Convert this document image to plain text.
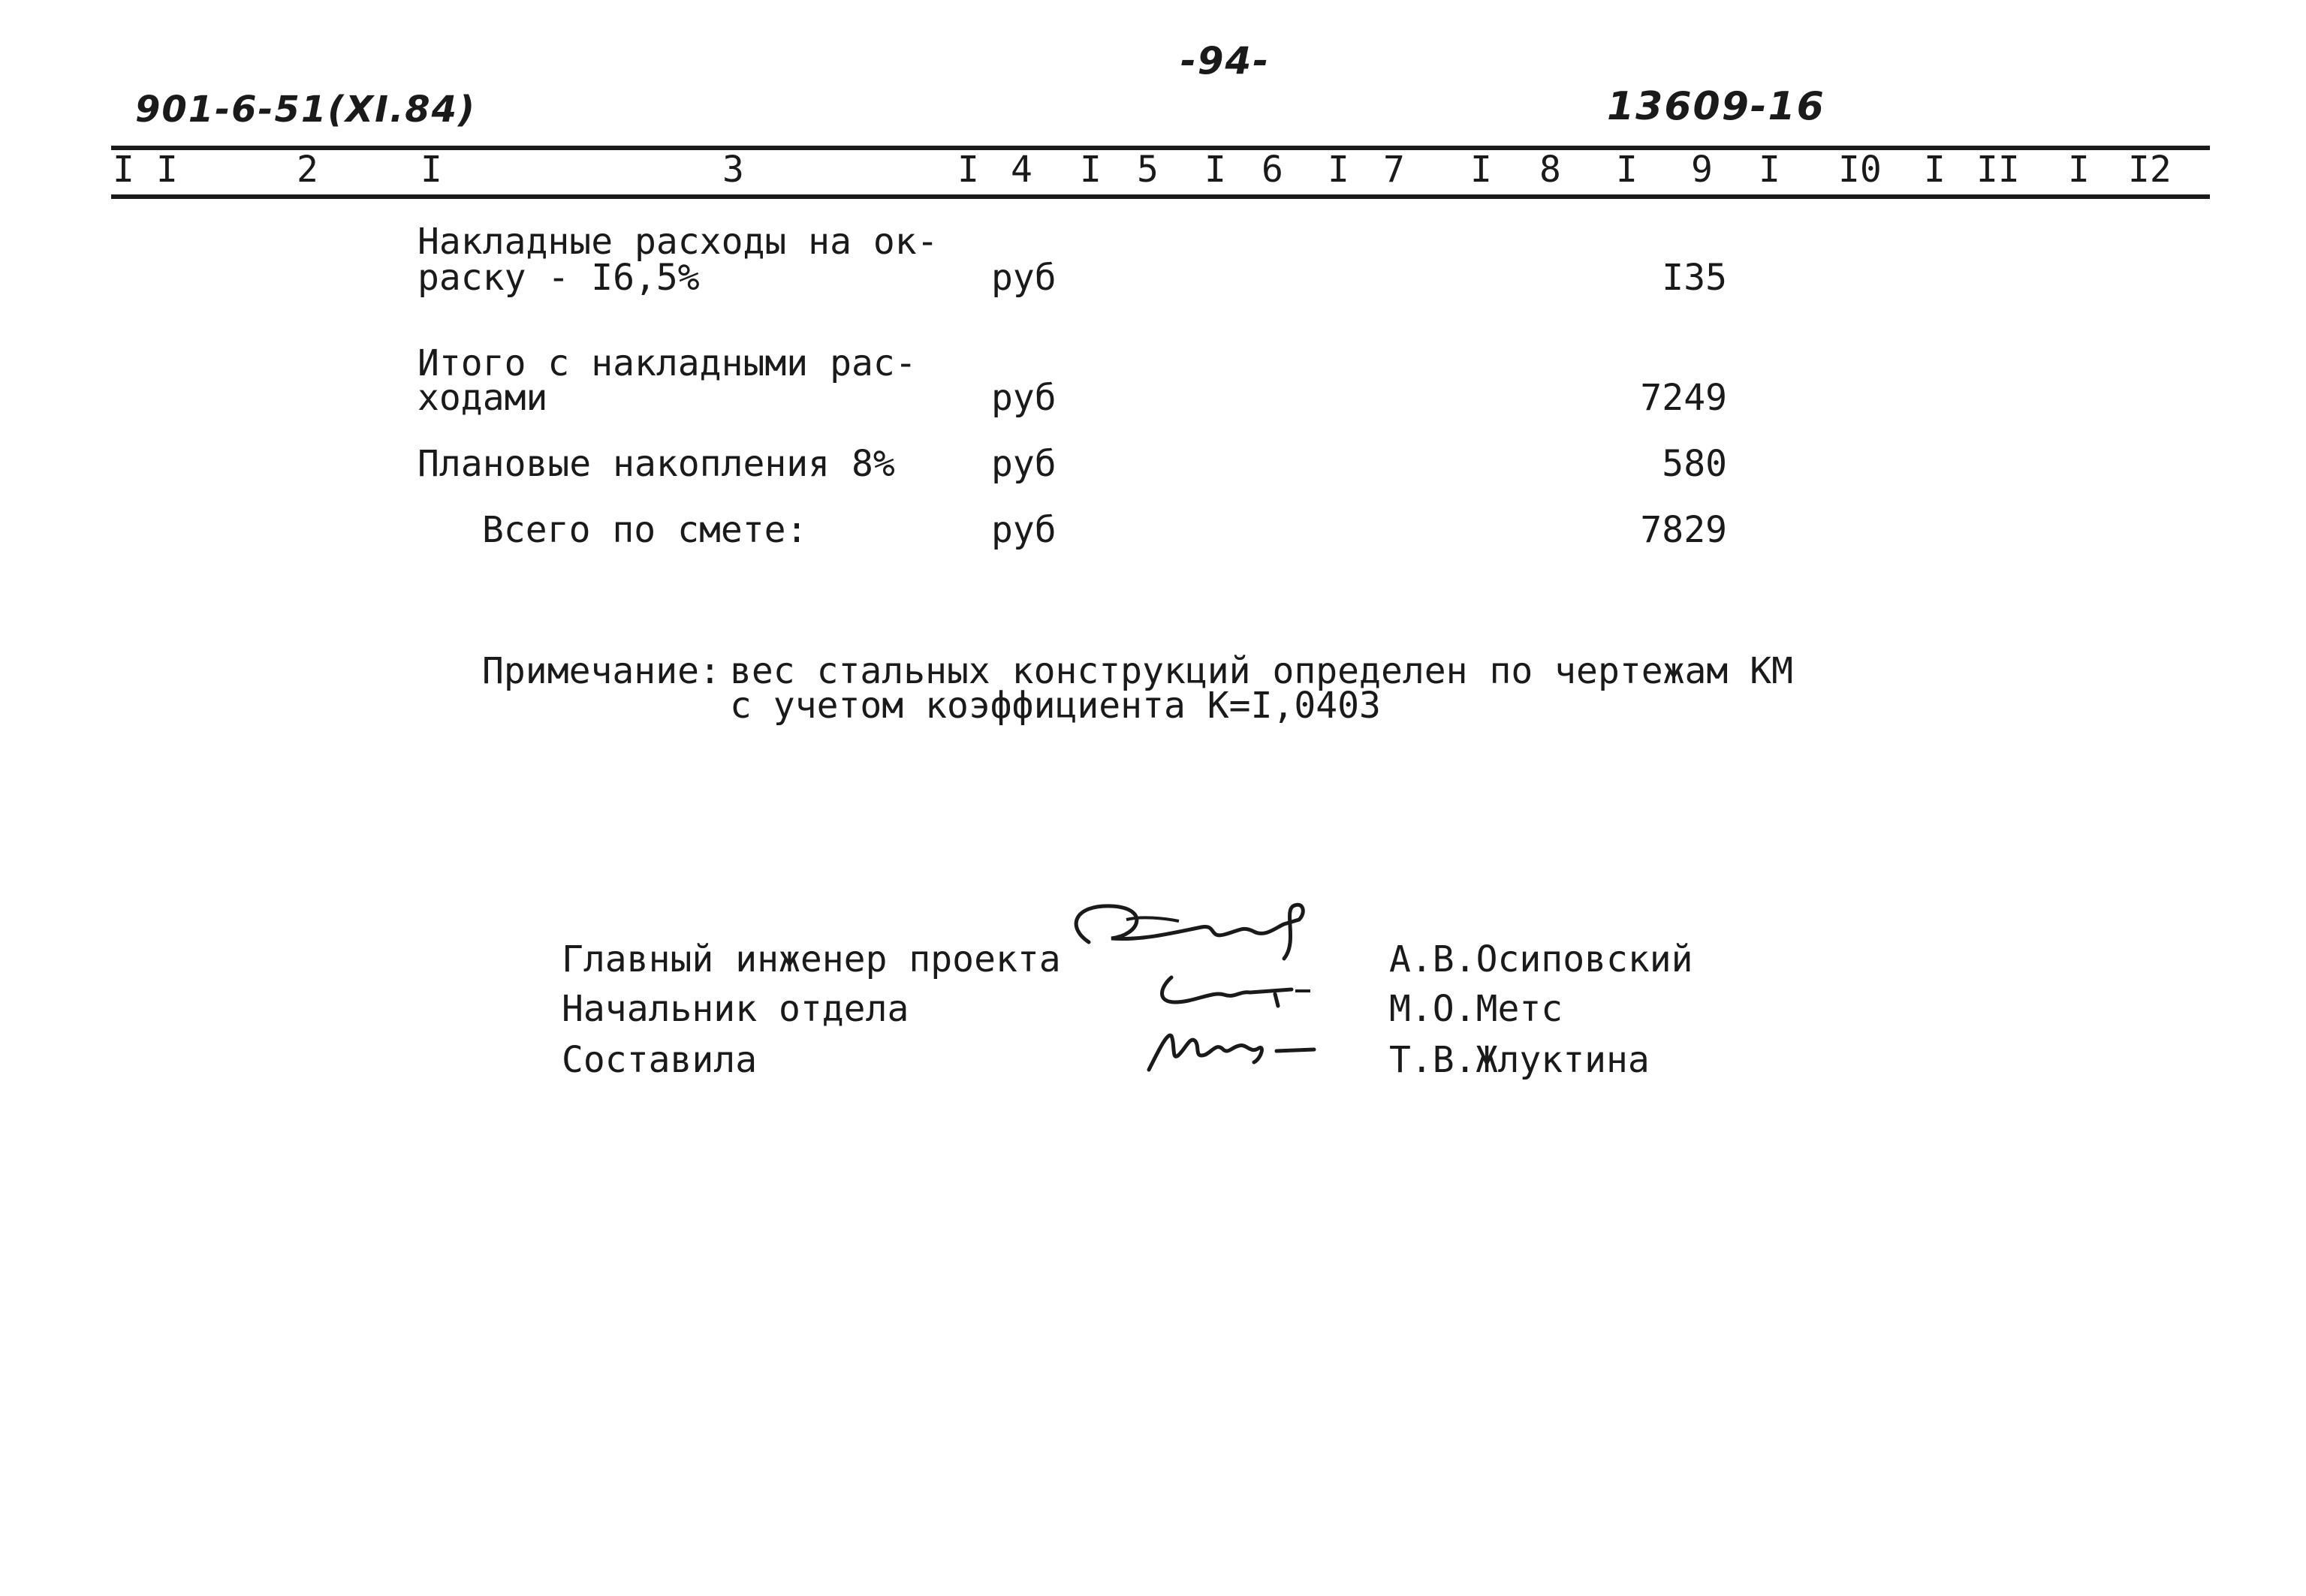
-94-
901-6-51(XI.84)	13609-16
I I	2	I	3	I 4 I 5 I 6 I 7 I 8 I 9 I I0 I II I I2
Накладные расходы на ок-
раску - I6,5%	руб	I35
Итого с накладными рас-
ходами	руб	7249
Плановые накопления 8%	руб	580
Всего по смете:	руб	7829
Примечание: вес стальных конструкций определен по чертежам КМ
с учетом коэффициента К=I,0403
Главный инженер проекта	А.В.Осиповский
Начальник отдела	М.О.Метс
Составила	Т.В.Жлуктина
